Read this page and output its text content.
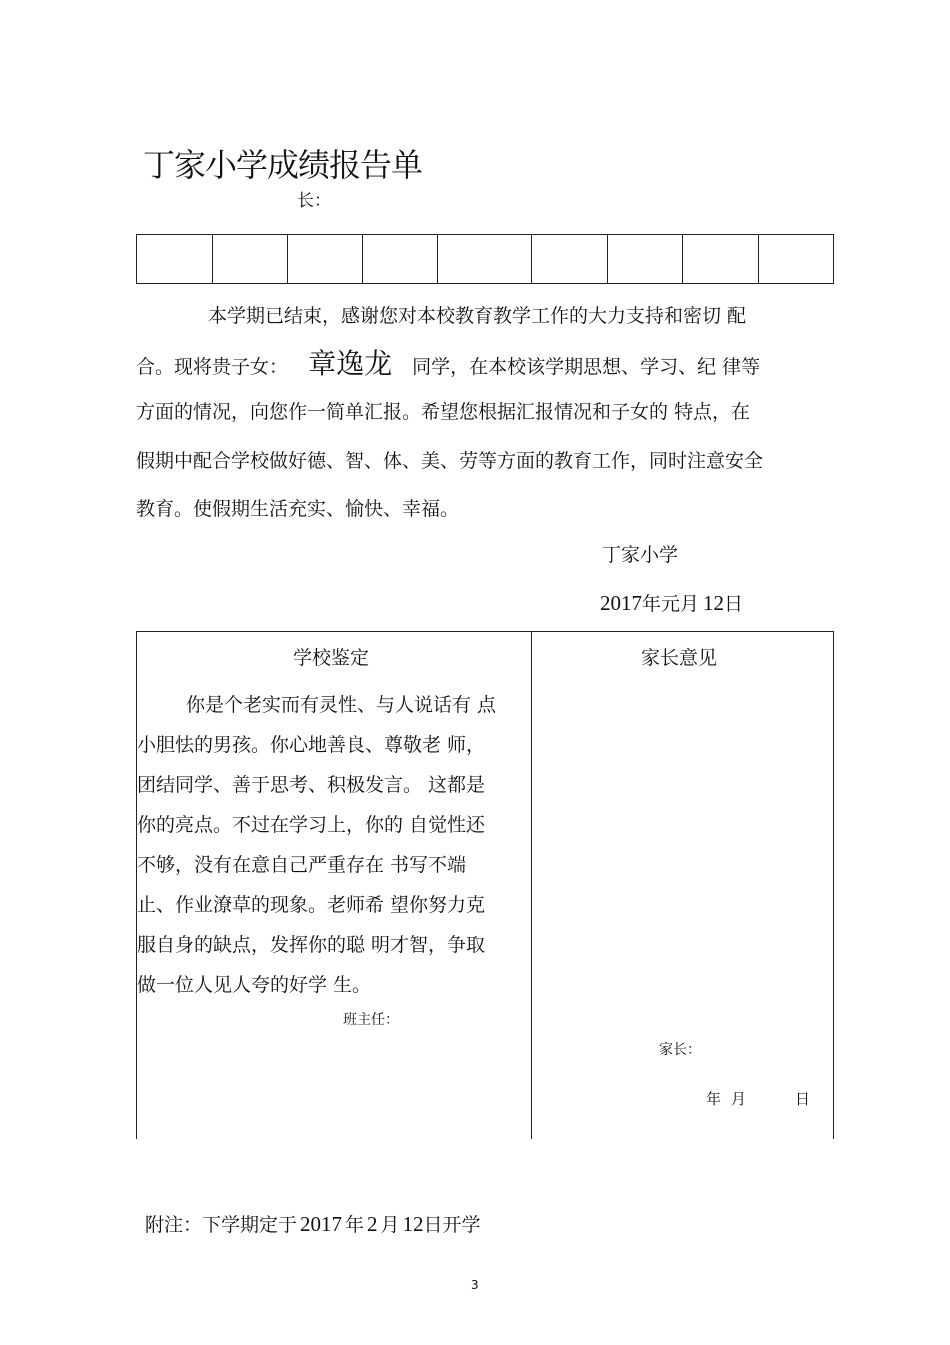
丁家小学成绩报告单
长：
本学期已结束，感谢您对本校教育教学工作的大力支持和密切 配
合。现将贵子女： 章逸龙 同学，在本校该学期思想、学习、纪 律等
方面的情况，向您作一简单汇报。希望您根据汇报情况和子女的 特点，在
假期中配合学校做好德、智、体、美、劳等方面的教育工作，同时注意安全
教育。使假期生活充实、愉快、幸福。
丁家小学
2017年元月 12日
学校鉴定	家长意见
你是个老实而有灵性、与人说话有 点
小胆怯的男孩。你心地善良、尊敬老 师，
团结同学、善于思考、积极发言。 这都是
你的亮点。不过在学习上，你的 自觉性还
不够，没有在意自己严重存在 书写不端
止、作业潦草的现象。老师希 望你努力克
服自身的缺点，发挥你的聪 明才智，争取
做一位人见人夸的好学 生。
班主任：
家长：
年 月	日
附注：下学期定于 2017 年 2 月 12日开学
3
